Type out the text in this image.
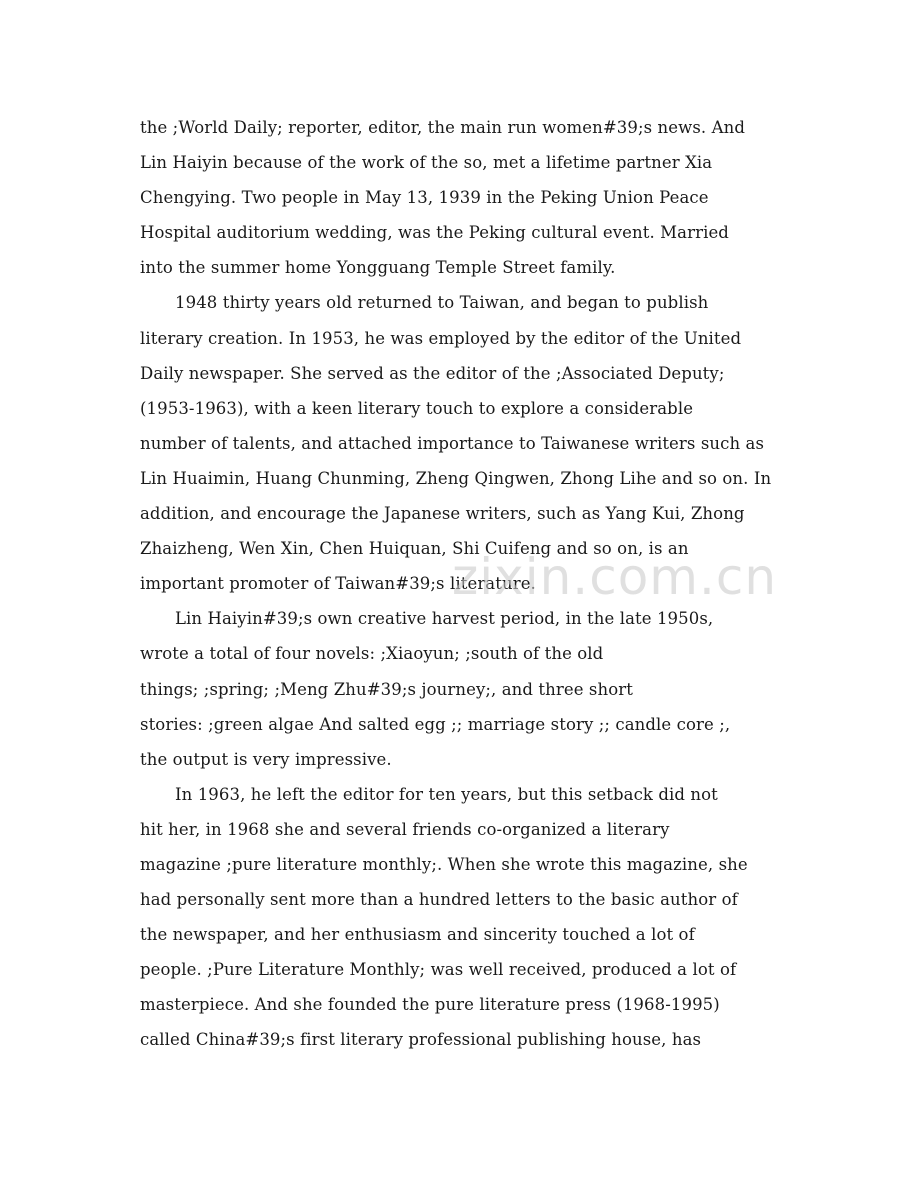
the ;World Daily; reporter, editor, the main run women#39;s news. And
Lin Haiyin because of the work of the so, met a lifetime partner Xia
Chengying. Two people in May 13, 1939 in the Peking Union Peace
Hospital auditorium wedding, was the Peking cultural event. Married
into the summer home Yongguang Temple Street family.
1948 thirty years old returned to Taiwan, and began to publish
literary creation. In 1953, he was employed by the editor of the United
Daily newspaper. She served as the editor of the ;Associated Deputy;
(1953-1963), with a keen literary touch to explore a considerable
number of talents, and attached importance to Taiwanese writers such as
Lin Huaimin, Huang Chunming, Zheng Qingwen, Zhong Lihe and so on. In
addition, and encourage the Japanese writers, such as Yang Kui, Zhong
Zhaizheng, Wen Xin, Chen Huiquan, Shi Cuifeng and so on, is an
important promoter of Taiwan#39;s literature.
Lin Haiyin#39;s own creative harvest period, in the late 1950s,
wrote a total of four novels: ;Xiaoyun; ;south of the old
things; ;spring; ;Meng Zhu#39;s journey;, and three short
stories: ;green algae And salted egg ;; marriage story ;; candle core ;,
the output is very impressive.
In 1963, he left the editor for ten years, but this setback did not
hit her, in 1968 she and several friends co-organized a literary
magazine ;pure literature monthly;. When she wrote this magazine, she
had personally sent more than a hundred letters to the basic author of
the newspaper, and her enthusiasm and sincerity touched a lot of
people. ;Pure Literature Monthly; was well received, produced a lot of
masterpiece. And she founded the pure literature press (1968-1995)
called China#39;s first literary professional publishing house, has
zixin.com.cn
